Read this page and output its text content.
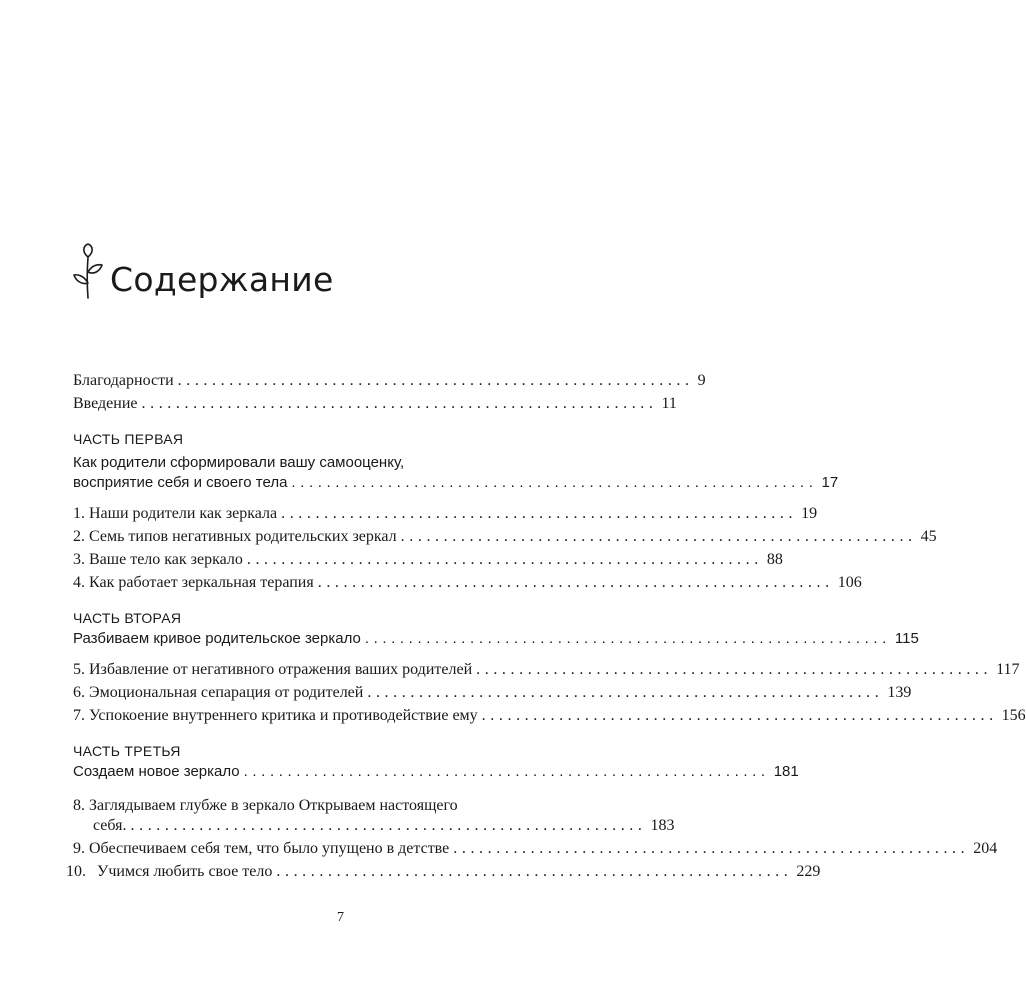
Содержание
Благодарности ............................................................ 9
Введение ............................................................ 11
ЧАСТЬ ПЕРВАЯ
Как родители сформировали вашу самооценку,
восприятие себя и своего тела ............................................................ 17
1. Наши родители как зеркала ............................................................ 19
2. Семь типов негативных родительских зеркал ............................................................ 45
3. Ваше тело как зеркало ............................................................ 88
4. Как работает зеркальная терапия ............................................................ 106
ЧАСТЬ ВТОРАЯ
Разбиваем кривое родительское зеркало ............................................................ 115
5. Избавление от негативного отражения ваших родителей ............................................................ 117
6. Эмоциональная сепарация от родителей ............................................................ 139
7. Успокоение внутреннего критика и противодействие ему ............................................................ 156
ЧАСТЬ ТРЕТЬЯ
Создаем новое зеркало ............................................................ 181
8. Заглядываем глубже в зеркало Открываем настоящего
себя. ............................................................ 183
9. Обеспечиваем себя тем, что было упущено в детстве ............................................................ 204
10. Учимся любить свое тело ............................................................ 229
7
